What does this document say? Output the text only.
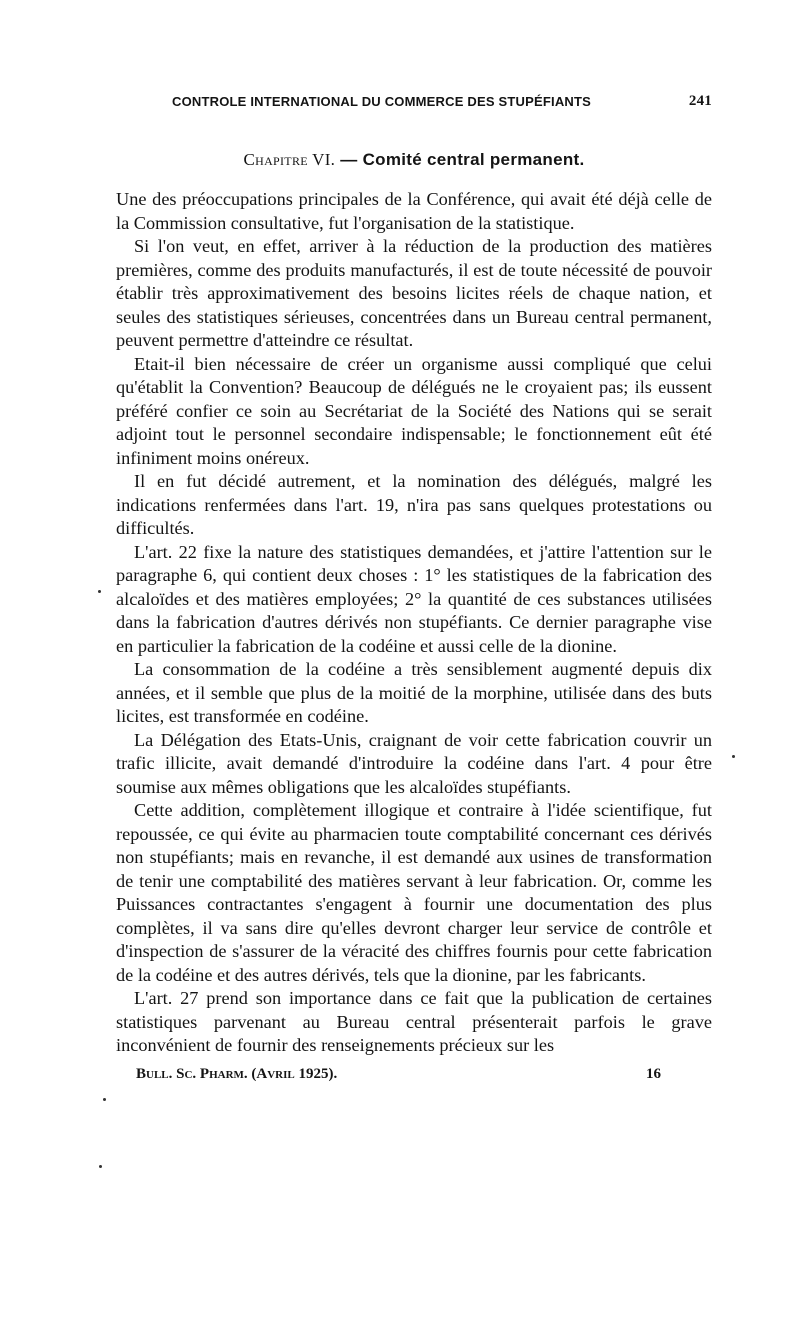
CONTROLE INTERNATIONAL DU COMMERCE DES STUPÉFIANTS	241
Chapitre VI. — Comité central permanent.

Une des préoccupations principales de la Conférence, qui avait été déjà celle de la Commission consultative, fut l'organisation de la statistique.

Si l'on veut, en effet, arriver à la réduction de la production des matières premières, comme des produits manufacturés, il est de toute nécessité de pouvoir établir très approximativement des besoins licites réels de chaque nation, et seules des statistiques sérieuses, concentrées dans un Bureau central permanent, peuvent permettre d'atteindre ce résultat.

Etait-il bien nécessaire de créer un organisme aussi compliqué que celui qu'établit la Convention? Beaucoup de délégués ne le croyaient pas; ils eussent préféré confier ce soin au Secrétariat de la Société des Nations qui se serait adjoint tout le personnel secondaire indispensable; le fonctionnement eût été infiniment moins onéreux.

Il en fut décidé autrement, et la nomination des délégués, malgré les indications renfermées dans l'art. 19, n'ira pas sans quelques protestations ou difficultés.

L'art. 22 fixe la nature des statistiques demandées, et j'attire l'attention sur le paragraphe 6, qui contient deux choses : 1° les statistiques de la fabrication des alcaloïdes et des matières employées; 2° la quantité de ces substances utilisées dans la fabrication d'autres dérivés non stupéfiants. Ce dernier paragraphe vise en particulier la fabrication de la codéine et aussi celle de la dionine.

La consommation de la codéine a très sensiblement augmenté depuis dix années, et il semble que plus de la moitié de la morphine, utilisée dans des buts licites, est transformée en codéine.

La Délégation des Etats-Unis, craignant de voir cette fabrication couvrir un trafic illicite, avait demandé d'introduire la codéine dans l'art. 4 pour être soumise aux mêmes obligations que les alcaloïdes stupéfiants.

Cette addition, complètement illogique et contraire à l'idée scientifique, fut repoussée, ce qui évite au pharmacien toute comptabilité concernant ces dérivés non stupéfiants; mais en revanche, il est demandé aux usines de transformation de tenir une comptabilité des matières servant à leur fabrication. Or, comme les Puissances contractantes s'engagent à fournir une documentation des plus complètes, il va sans dire qu'elles devront charger leur service de contrôle et d'inspection de s'assurer de la véracité des chiffres fournis pour cette fabrication de la codéine et des autres dérivés, tels que la dionine, par les fabricants.

L'art. 27 prend son importance dans ce fait que la publication de certaines statistiques parvenant au Bureau central présenterait parfois le grave inconvénient de fournir des renseignements précieux sur les

Bull. Sc. Pharm. (Avril 1925).	16
